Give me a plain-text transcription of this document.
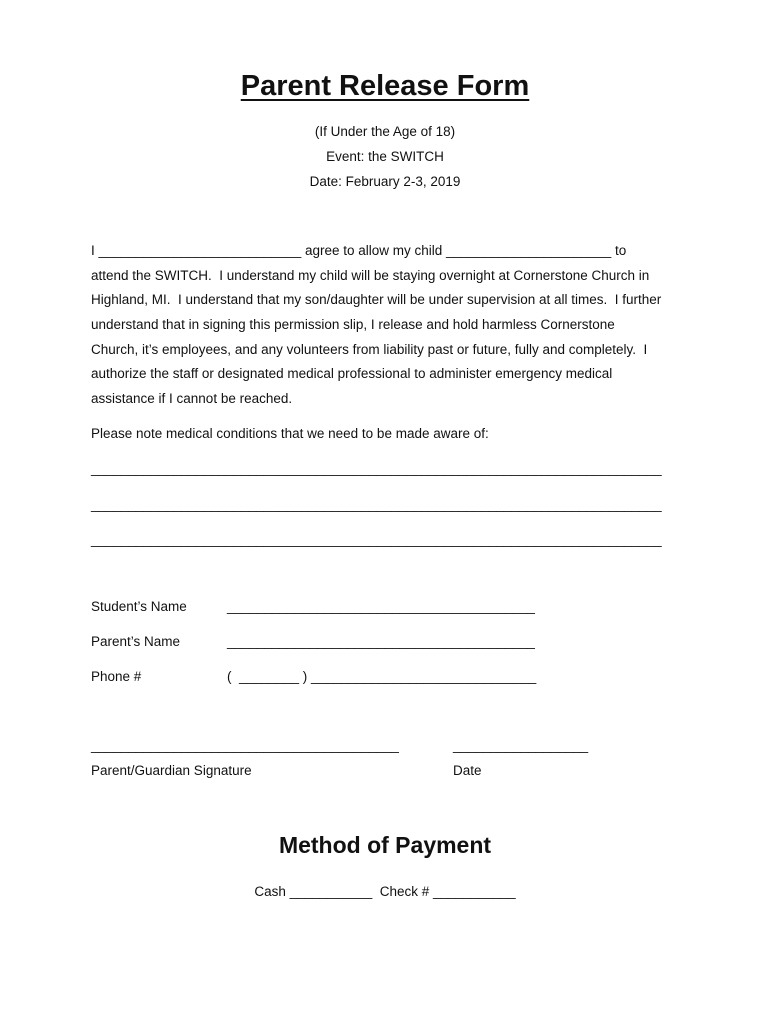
Parent Release Form
(If Under the Age of 18)
Event: the SWITCH
Date: February 2-3, 2019
I ___________________________ agree to allow my child ______________________ to
attend the SWITCH.  I understand my child will be staying overnight at Cornerstone Church in
Highland, MI.  I understand that my son/daughter will be under supervision at all times.  I further
understand that in signing this permission slip, I release and hold harmless Cornerstone
Church, it’s employees, and any volunteers from liability past or future, fully and completely.  I
authorize the staff or designated medical professional to administer emergency medical
assistance if I cannot be reached.
Please note medical conditions that we need to be made aware of:
____________________________________________________________________________
____________________________________________________________________________
____________________________________________________________________________
Student’s Name	_________________________________________
Parent’s Name	_________________________________________
Phone #	(  ________ ) ______________________________
_________________________________________	__________________
Parent/Guardian Signature	Date
Method of Payment
Cash ___________  Check # ___________
